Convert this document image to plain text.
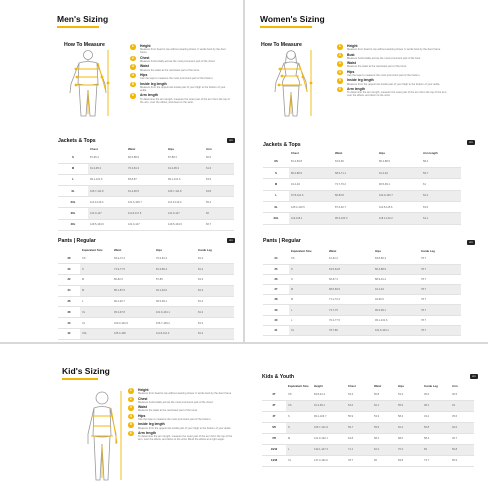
Men's Sizing
How To Measure	1	Height
Measure from head to toe without wearing shoes. It works best by the door frame.
2	Chest
Measure horizontally across the most prominent part of the chest.
3	Waist
Measure the waist at the narrowest part of the torso.
4	Hips
Use the tape to measure the most prominent part of the bottom.
5	Inside leg length
Measure from the uppermost inside part of your thigh to the bottom of your ankle.
6	Arm length
To determine the arm length, measure the outer part of the arm from the top of the arm, over the elbow, and down to the wrist.
Jackets & Tops	cm
	Chest	Waist	Hips	Arm
S	87-95.4	82.5-88.9	87-88.4	60.6
M	91.4-95.3	76.2-81.3	91.4-95.3	61.6
L	99.1-101.6	83.8-87	99.1-101.6	63.5
XL	106.7-111.8	91.4-96.5	106.7-111.8	64.8
XXL	114.3-119.4	101.6-106.7	114.3-119.4	65.4
3XL	121.9-127	111.8-117.6	121.9-127	66
4XL	129.5-134.6	121.9-127	129.5-134.6	66.7
Pants | Regular	cm
	Equivalent Size	Waist	Hips	Inside Leg
28	XS	69.9-72.4	76.2-81.3	81.3
30	S	74.9-77.5	81.3-86.4	81.3
32	M	80-82.6	87-89	81.3
34	M	85.1-87.6	92.1-94.6	81.3
36	L	90.2-92.7	96.5-99.1	81.3
38	XL	95.3-97.8	101.6-104.1	81.3
40	XL	100.3-102.9	106.7-109.2	81.3
42	XXL	105.4-108	111.8-114.3	81.3
Women's Sizing
How To Measure	1	Height
Measure from head to toe without wearing shoes. It works best by the door frame.
2	Bust
Measure horizontally across the most prominent part of the bust.
3	Waist
Measure the waist at the narrowest part of the torso.
4	Hips
Use the tape to measure the most prominent part of the bottom.
5	Inside leg length
Measure from the uppermost inside part of your thigh to the bottom of your ankle.
6	Arm length
To determine the arm length, measure the outer part of the arm from the top of the arm, over the elbow, and down to the wrist.
Jackets & Tops	cm
	Chest	Waist	Hips	Arm length
XS	81.3-83.8	63.5-66	86.4-88.9	58.4
S	86.4-88.9	68.6-71.1	91.4-94	59.7
M	91.4-94	73.7-76.2	96.5-99.1	61
L	97.8-101.6	80-83.8	102.9-106.7	62.2
XL	105.4-110.5	87.6-92.7	110.5-115.6	63.5
XXL	113-118.1	95.3-100.3	118.1-123.2	64.1
Pants | Regular	cm
	Equivalent Size	Waist	Hips	Inside Leg
24	XS	61-62.2	83.8-86.4	78.7
25	S	63.5-64.8	86.4-88.9	78.7
26	S	66-67.3	88.9-91.4	78.7
27	M	68.6-69.9	91.4-94	78.7
28	M	71.1-72.4	94-96.5	78.7
29	L	73.7-75	96.5-99.1	78.7
30	L	76.2-77.5	99.1-101.6	78.7
31	XL	78.7-80	101.6-104.1	78.7
Kid's Sizing
1	Height
Measure from head to toe without wearing shoes. It works best by the door frame.
2	Chest
Measure horizontally across the most prominent part of the chest.
3	Waist
Measure the waist at the narrowest part of the torso.
4	Hips
Use the tape to measure the most prominent part of the bottom.
5	Inside leg length
Measure from the uppermost inside part of your thigh to the bottom of your ankle.
6	Arm length
To determine the arm length, measure the outer part of the arm from the top of the arm, over the elbow, and down to the wrist. Bend the elbow at a right angle.
Kids & Youth	cm
	Equivalent Size	Height	Chest	Waist	Hips	Inside Leg	Arm
2T	XS	83.8-91.4	53.3	50.8	53.3	35.6	30.5
3T	XS	91.4-99.1	54.6	52.1	55.9	38.1	33
4T	S	99.1-106.7	55.9	53.3	58.4	43.2	35.6
5/6	S	106.7-121.9	59.7	55.9	62.2	50.8	40.6
7/8	M	121.9-132.1	64.8	58.4	68.6	58.4	45.7
10/12	L	132.1-147.3	71.1	62.2	76.2	66	50.8
14/16	XL	147.3-162.6	78.7	66	83.8	73.7	55.9
